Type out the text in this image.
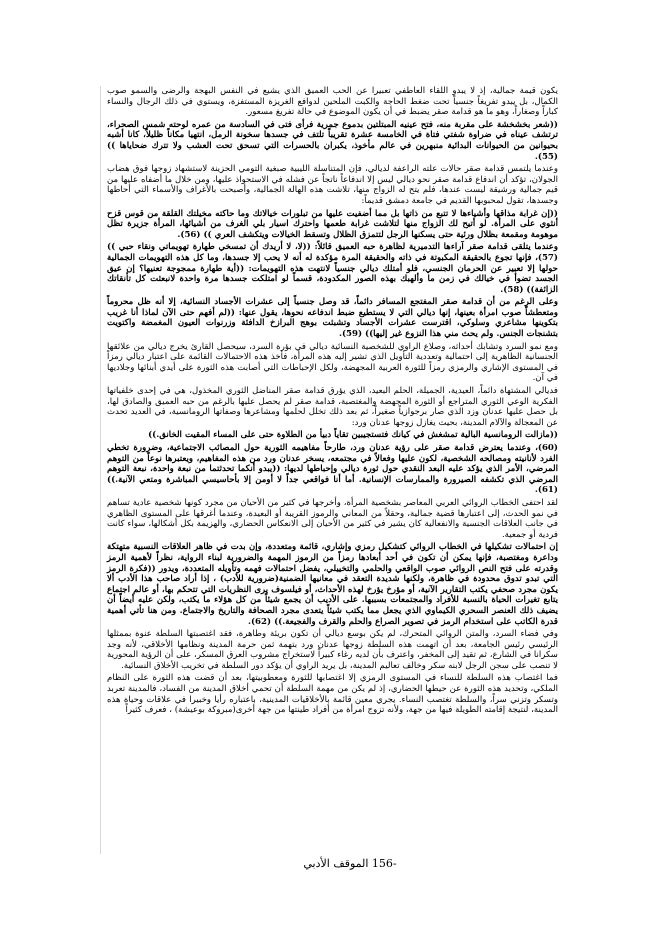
يكون قيمة جمالية، إذ لا يبدو اللقاء العاطفي تعبيراً عن الحب العميق الذي يشيع في النفس البهجة والرضى والسمو صوب الكمال، بل يبدو تفريغاً جنسياً تحت ضغط الحاجة والكبت الملحين لدوافع الغريزة المستفزة، ويستوي في ذلك الرجال والنساء كباراً وصغاراً، وهو ما هو قدامة صقر يضبط في أن يكون الموضوع في حالة تفريغ مسعور.

((شعر بخشخشة على مقربة منه، فتح عينيه المبتلتين بدموع جمرية فرأى فتى في السادسة من عمره لوحته شمس الصحراء، ترتشف عيناه في ضراوة شفتي فتاة في الخامسة عشرة تقريباً تلتف في جسدها سخونة الرمل، انتهيا مكاناً ظليلاً، كانا أشبه بحيوانين من الحيوانات البدائية منبهرين في عالم مأخوذ، يكبران بالحسرات التي تسحق تحت العشب ولا تترك ضحاياها )) (55).

وعندما يلتمس قدامة صقر حالات علته الراعفة لديالي، فإن المتناسلة الليبية صبغية التومي الحزينة لاستشهاد زوجها فوق هضاب الجولان، تؤكد أن اندفاع قدامة صقر نحو ديالي ليس إلا اندفاعاً ناتجاً عن فشله في الاستحواذ عليها، ومن خلال ما أضفاه عليها من قيم جمالية ورشيقة ليست عندها، فلم يتح له الزواج منها، تلاشت هذه الهالة الجمالية، وأصبحت بالأغراف والأسماء التي أحاطها وجسدها، تقول لمحبوبها القديم في جامعة دمشق قديماً:

((إن غرابة مذاقها وأشياءها لا تتبع من ذاتها بل مما أضفيت عليها من تبلورات خيالاتك وما حاكته مخيلتك القلقة من قوس قزح أنثوي على المرأة. لو أتيح لك الزواج منها لتلاشت غرابة طعمها واحترك اسيار بلي الغرف من أشيائها، المرأة جزيرة تظل موهومة ومقمعة بظلال ورئية حتى يسكنها الرجل لتتمزق الظلال وتسقط الخيالات ويتكشف العري )) (56).

وعندما يتلقى قدامة صقر آراءها التدميرية لظاهرة حبه العميق قائلاً: ((لا، لا أريدك أن تمسخي طهارة تهويماتي ونقاء حبي )) (57)، فإنها تجوع بالحقيقة المكبوتة في ذاته والحقيقة المرة مؤكدة له أنه لا يحب إلا جسدها، وما كل هذه التهويمات الجمالية حولها إلا تعبير عن الحرمان الجنسي، فلو أمتلك ديالي جنسياً لانتهت هذه التهويمات: ((أية طهارة ممجوجة تعنيها؟ إن عيق الجسد تضوأ في خيالك في زمن ما وألهبك بهذه الصور المكدودة، قسماً لو امتلكت جسدها مرة واحدة لانبعثت كل تأنقاتك الزائفة)) (58).

وعلى الرغم من أن قدامة صقر المفتجع المسافر دائماً، قد وصل جنسياً إلى عشرات الأجساد النسائية، إلا أنه ظل محروماً ومتعطشاً صوب امرأة بعينها، إنها ديالي التي لا يستطيع ضبط اندفاعه نحوها، يقول عنها: ((لم أفهم حتى الآن لماذا أنا غريب بتكوينها مشاعري وسلوكي، اقترست عشرات الأجساد وتشبثت بوهج البرازخ الدافئة وزرنوات العيون المغمضة واكتويت بتشنجات الجنس. ولم يحث مني هذا النزوع غير إليها)) (59).

ومع نمو السرد وتشابك أحداثه، وصلاع الراوي للشخصية النسائية ديالي في بؤرة السرد، سيحصل القارئ يخرج ديالي من علائقها الجنسانية الظاهرية إلى احتمالية وتعددية التأويل الذي تشير إليه هذه المرأة، فأخذ هذه الاحتمالات القائمة على اعتبار ديالي رمزاً في المستوى الإشاري والرمزي رمزاً للثورة العربية المجهضة، ولكل الإحباطات التي أصابت هذه الثورة على أيدي أبنائها وجلاديها في آن.

فديالي المشتهاة دائماً، العيدية، الجميلة، الحلم البعيد، الذي يؤرق قدامة صقر المناضل الثوري المخذول، هي في إحدى خلفياتها الفكرية الوعي الثوري المتراجع أو الثورة المجهضة والمغتصبة، قدامة صقر لم يحصل عليها بالرغم من حبه العميق والصادق لها، بل حصل عليها عدنان وزد الذي صار برجوازياً صغيراً، ثم بعد ذلك تخلل لحلمها ومشاعرها وصفاتها الرومانسية، في العديد تحدث عن المعجالة والآلام المدينة، بحيث يغازل زوجها عدنان ورد:

((مازالت الرومانسية البالية تمشغش في كيانك فتستجيبين تقاياً دبيأ من الطلاوة حتى على المساء المقيت الخانق.))

(60)، وعندما يعترض قدامة صقر على رؤية عدنان ورد، طارحاً مفاهيمه الثورية حول المصائب الاجتماعية، وضرورة تخطي الفرد لأنانيته ومصالحه الشخصية، لكون عليها وفعالاً في مجتمعه، يسخر عدنان ورد من هذه المفاهيم، ويعتبرها نوعاً من التوهم المرضي، الأمر الذي يؤكد عليه البعد النقدي حول ثورة ديالي وإحباطها لديها: ((يبدو أنكما تحدثتما من نبعة واحدة، نبعة التوهم المرضي الذي تكشفه الصيرورة والممارسات الإنسانية. أما أنا فواقعي جداً لا أومن إلا بأحاسيسي المباشرة ومتعي الآنية.)) (61).

لقد احتفى الخطاب الروائي العربي المعاصر بشخصية المرأة، وأخرجها في كثير من الأحيان من مجرد كونها شخصية عادية تساهم في نمو الحدث، إلى اعتبارها قضية جمالية، وحقلاً من المعاني والرموز القريبة أو البعيدة، وعندما أغرقها على المستوى الظاهري في جانب العلاقات الجنسية والانفعالية كان يشير في كثير من الأحيان إلى الانعكاس الحضاري، والهزيمة بكل أشكالها، سواء كانت فردية أو جمعية.

إن احتمالات تشكيلها في الخطاب الروائي كتشكيل رمزي وإشاري، قائمة ومتعددة، وإن بدت في ظاهر العلاقات النسبية متهتكة وداعرة ومغتصبة، فإنها يمكن أن تكون في أحد أبعادها رمزاً من الرموز المهمة والضرورية لبناء الرواية، نظراً لأهمية الرمز وقدرته على فتح النص الروائي صوب الواقعي والحلمي والتخييلي، يفضل احتمالات فهمه وتأويله المتعددة، ويدور ((فكرة الرمز التي تبدو تدوق محدودة في ظاهرة، ولكنها شديدة التعقد في معانيها الضمنية(ضرورية للأدب) ، إذا أراد صاحب هذا الأدب ألا يكون مجرد صحفي يكتب التقارير الآنية، أو مؤرخ يؤرخ لهذه الأحداث، أو فيلسوف يرى النظريات التي تتحكم بها، أو عالم اجتماع يتابع تغيرات الحياة بالنسبة للأفراد والمجتمعات بسببها. على الأديب أن يجمع شيئاً من كل هؤلاء ما يكتب، ولكن عليه أيضاً أن يضيف ذلك العنصر السحري الكيماوي الذي يجعل مما يكتب شيئاً يتعدى مجرد الصحافة والتاريخ والاجتماع. ومن هنا تأتي أهمية قدرة الكاتب على استخدام الرمز في تصوير الصراع والحلم والقرف والفجيعة.)) (62).

وفي فضاء السرد، والمتن الروائي المتحرك، لم يكن بوسع ديالي أن تكون بريئة وطاهرة، فقد اغتصبتها السلطة عنوة بممثلها الرئيسي رئيس الجامعة، بعد أن اتهمت هذه السلطة زوجها عدنان ورد بتهمة ثمن حرمة المدينة ونظامها الأخلاقي، لأنه وجد سكرانا في الشارع، ثم تقيد إلى المخفر، واعترف بأن لديه رغاء كبيراً لاستخراج مشروب العرق المسكر، على أن الرؤية المحورية لا تنصب على سجن الرجل لابنه سكر وخالف تعاليم المدينة، بل يريد الراوي أن يؤكد دور السلطة في تخريب الأخلاق النسائية.

فما اغتصاب هذه السلطة للنساء في المستوى الرمزي إلا اغتصابها للثورة ومعطوبيتها، بعد أن قضت هذه الثورة على النظام الملكي، وتحديد هذه الثورة عن حيطها الحضاري، إذ لم يكن من مهمة السلطة أن تحمي أخلاق المدينة من الفساد، فالمدينة تعربد وتسكر وتزني سراً، والسلطة تغتصب النساء. يجري معين قائمة بالأخلاقيات المدينية، باعتباره رأيا وخبيرا في علاقات وحياة هذه المدينة، لنتيجة إقامته الطويلة فيها من جهة، ولأنه تزوج امرأة من أفراد طينتها من جهة أخرى(مبروكة بوعيشة) ، فعرف كثيراً

-156 الموقف الأدبي
